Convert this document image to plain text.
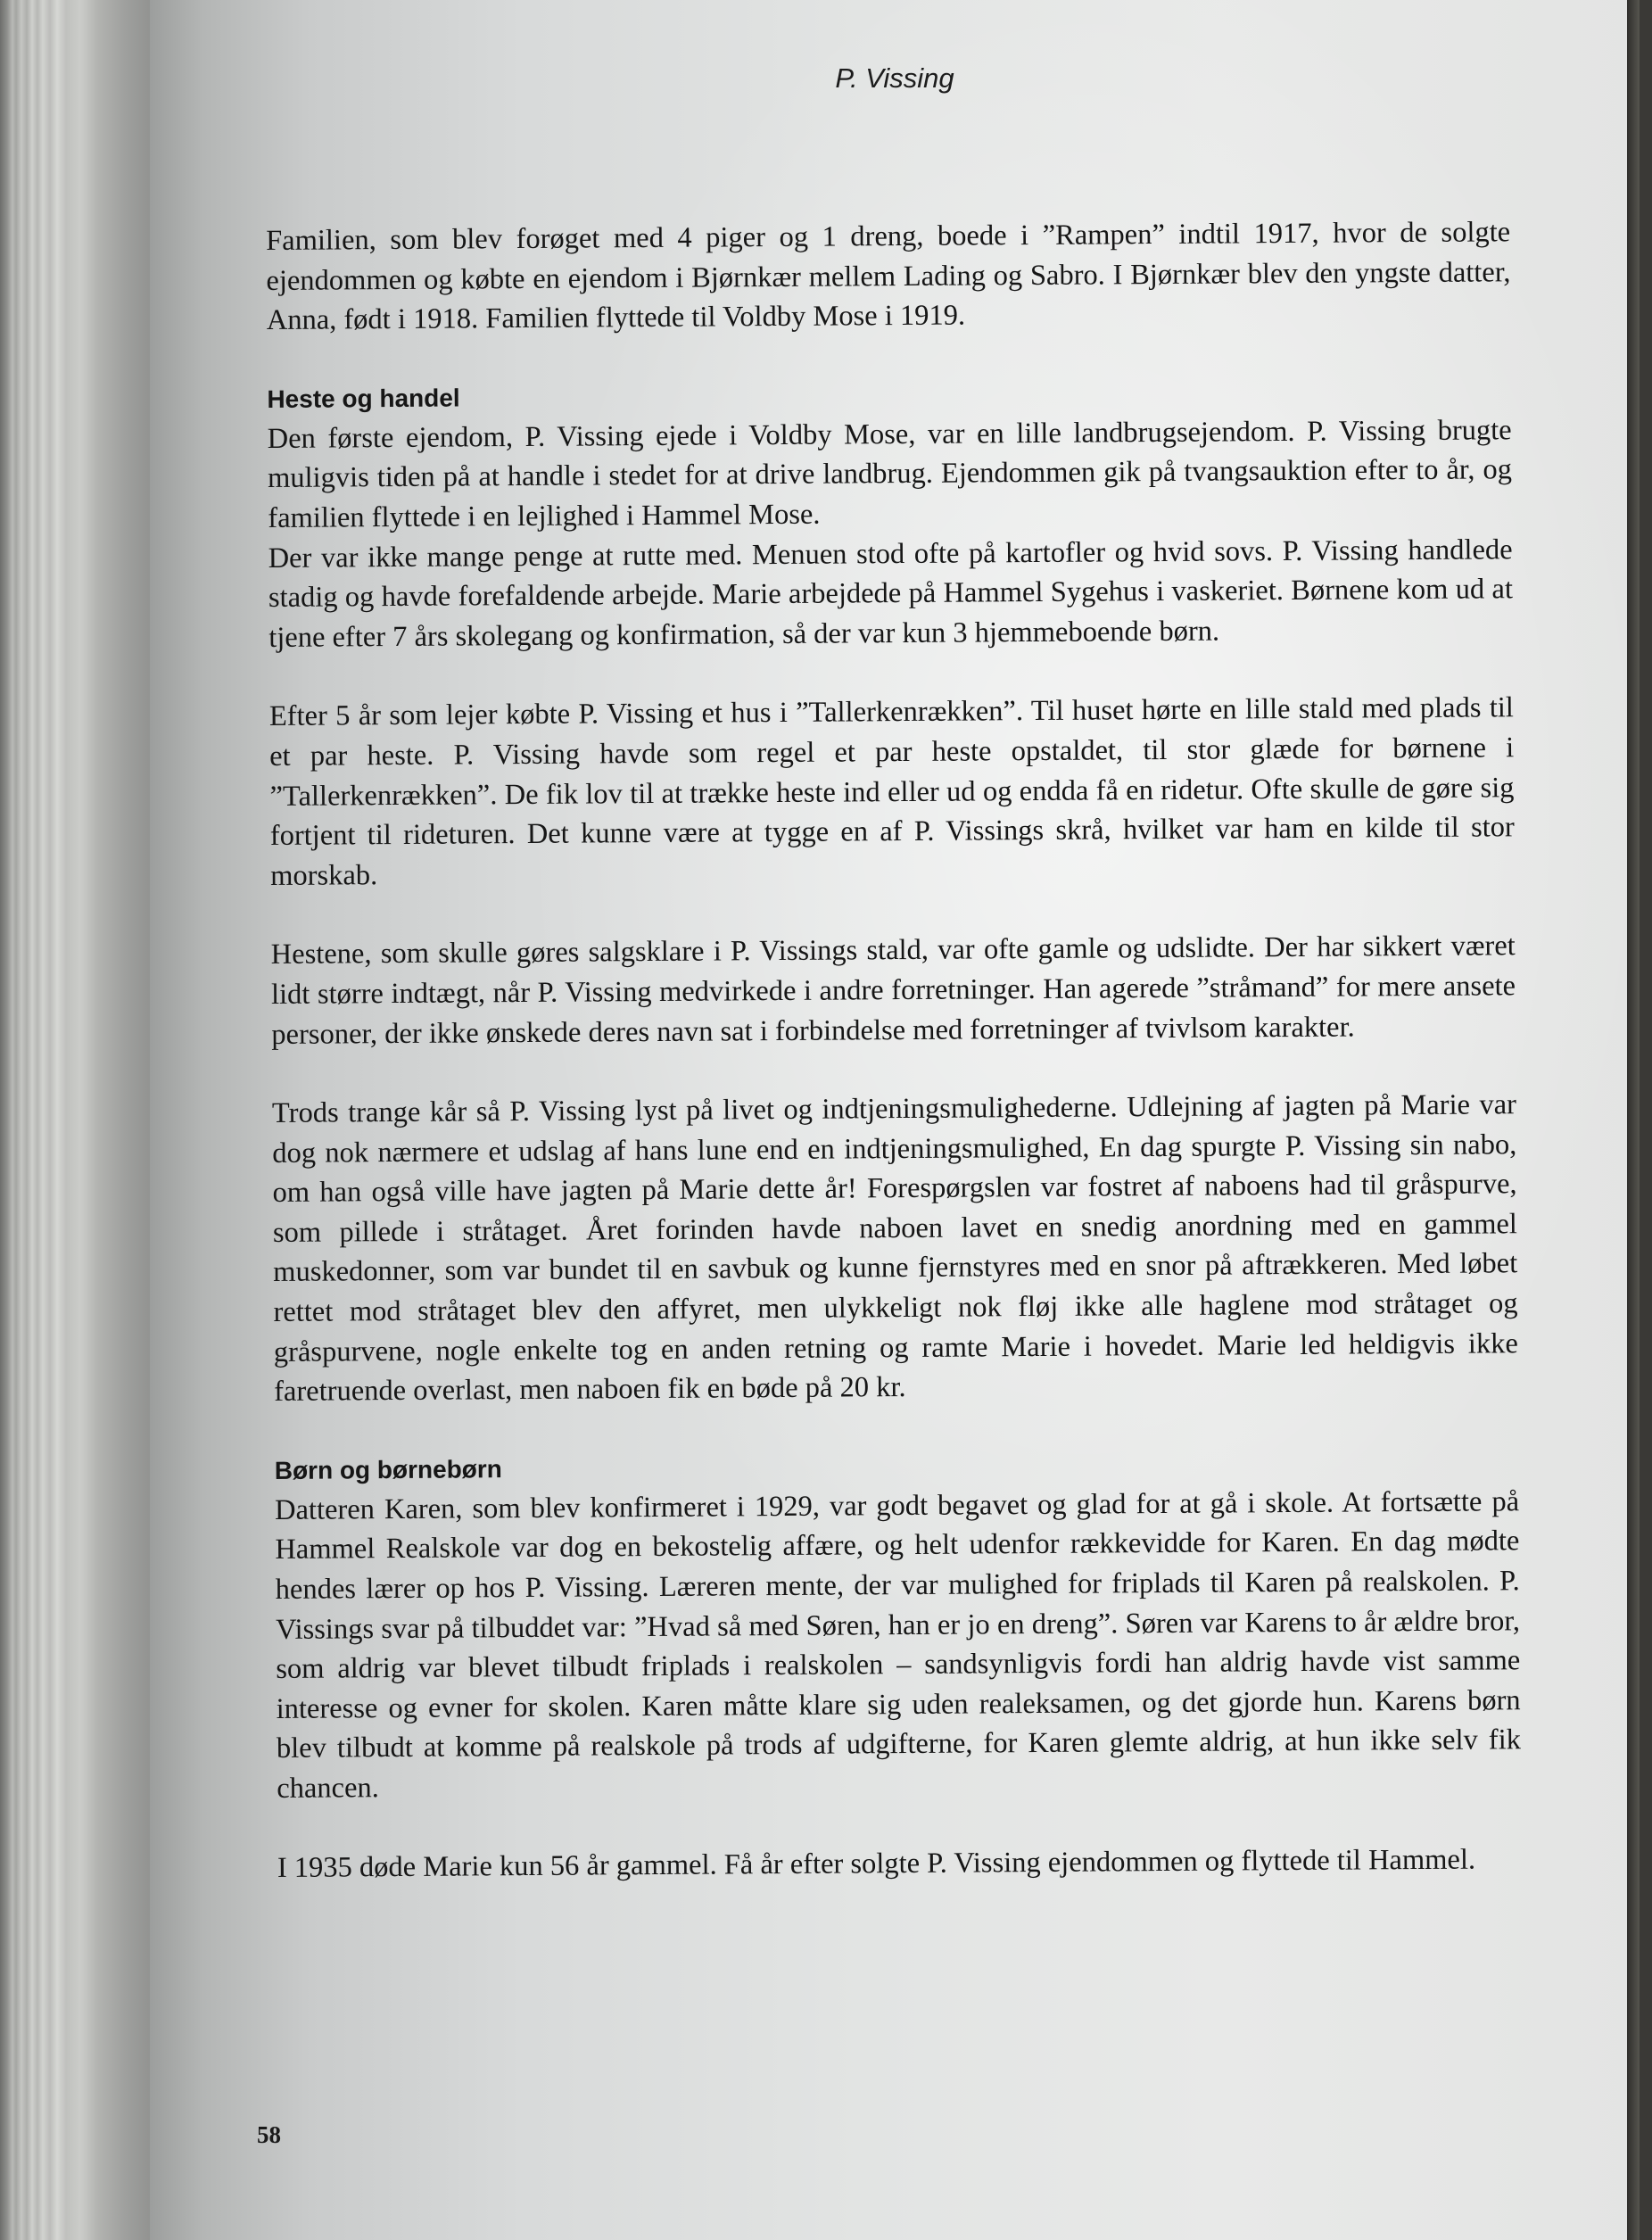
P. Vissing

Familien, som blev forøget med 4 piger og 1 dreng, boede i ”Rampen” indtil 1917, hvor de solgte ejendommen og købte en ejendom i Bjørnkær mellem Lading og Sabro. I Bjørnkær blev den yngste datter, Anna, født i 1918. Familien flyttede til Voldby Mose i 1919.

Heste og handel

Den første ejendom, P. Vissing ejede i Voldby Mose, var en lille landbrugsejendom. P. Vissing brugte muligvis tiden på at handle i stedet for at drive landbrug. Ejendommen gik på tvangsauktion efter to år, og familien flyttede i en lejlighed i Hammel Mose.

Der var ikke mange penge at rutte med. Menuen stod ofte på kartofler og hvid sovs. P. Vissing handlede stadig og havde forefaldende arbejde. Marie arbejdede på Hammel Sygehus i vaskeriet. Børnene kom ud at tjene efter 7 års skolegang og konfirmation, så der var kun 3 hjemmeboende børn.

Efter 5 år som lejer købte P. Vissing et hus i ”Tallerkenrækken”. Til huset hørte en lille stald med plads til et par heste. P. Vissing havde som regel et par heste opstaldet, til stor glæde for børnene i ”Tallerkenrækken”. De fik lov til at trække heste ind eller ud og endda få en ridetur. Ofte skulle de gøre sig fortjent til rideturen. Det kunne være at tygge en af P. Vissings skrå, hvilket var ham en kilde til stor morskab.

Hestene, som skulle gøres salgsklare i P. Vissings stald, var ofte gamle og udslidte. Der har sikkert været lidt større indtægt, når P. Vissing medvirkede i andre forretninger. Han agerede ”stråmand” for mere ansete personer, der ikke ønskede deres navn sat i forbindelse med forretninger af tvivlsom karakter.

Trods trange kår så P. Vissing lyst på livet og indtjeningsmulighederne. Udlejning af jagten på Marie var dog nok nærmere et udslag af hans lune end en indtjeningsmulighed, En dag spurgte P. Vissing sin nabo, om han også ville have jagten på Marie dette år! Forespørgslen var fostret af naboens had til gråspurve, som pillede i stråtaget. Året forinden havde naboen lavet en snedig anordning med en gammel muskedonner, som var bundet til en savbuk og kunne fjernstyres med en snor på aftrækkeren. Med løbet rettet mod stråtaget blev den affyret, men ulykkeligt nok fløj ikke alle haglene mod stråtaget og gråspurvene, nogle enkelte tog en anden retning og ramte Marie i hovedet. Marie led heldigvis ikke faretruende overlast, men naboen fik en bøde på 20 kr.

Børn og børnebørn

Datteren Karen, som blev konfirmeret i 1929, var godt begavet og glad for at gå i skole. At fortsætte på Hammel Realskole var dog en bekostelig affære, og helt udenfor rækkevidde for Karen. En dag mødte hendes lærer op hos P. Vissing. Læreren mente, der var mulighed for friplads til Karen på realskolen. P. Vissings svar på tilbuddet var: ”Hvad så med Søren, han er jo en dreng”. Søren var Karens to år ældre bror, som aldrig var blevet tilbudt friplads i realskolen – sandsynligvis fordi han aldrig havde vist samme interesse og evner for skolen. Karen måtte klare sig uden realeksamen, og det gjorde hun. Karens børn blev tilbudt at komme på realskole på trods af udgifterne, for Karen glemte aldrig, at hun ikke selv fik chancen.

I 1935 døde Marie kun 56 år gammel. Få år efter solgte P. Vissing ejendommen og flyttede til Hammel.

58
